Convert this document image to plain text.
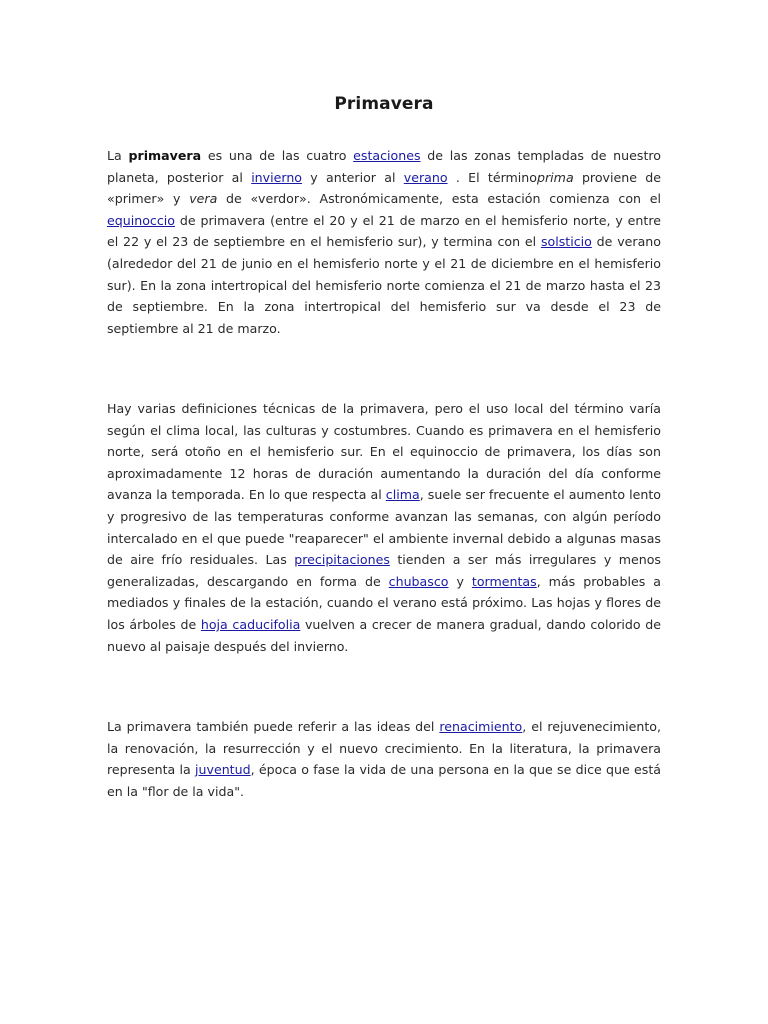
Primavera

La primavera es una de las cuatro estaciones de las zonas templadas de nuestro planeta, posterior al invierno y anterior al verano . El términoprima proviene de «primer» y vera de «verdor». Astronómicamente, esta estación comienza con el equinoccio de primavera (entre el 20 y el 21 de marzo en el hemisferio norte, y entre el 22 y el 23 de septiembre en el hemisferio sur), y termina con el solsticio de verano (alrededor del 21 de junio en el hemisferio norte y el 21 de diciembre en el hemisferio sur). En la zona intertropical del hemisferio norte comienza el 21 de marzo hasta el 23 de septiembre. En la zona intertropical del hemisferio sur va desde el 23 de septiembre al 21 de marzo.

Hay varias definiciones técnicas de la primavera, pero el uso local del término varía según el clima local, las culturas y costumbres. Cuando es primavera en el hemisferio norte, será otoño en el hemisferio sur. En el equinoccio de primavera, los días son aproximadamente 12 horas de duración aumentando la duración del día conforme avanza la temporada. En lo que respecta al clima, suele ser frecuente el aumento lento y progresivo de las temperaturas conforme avanzan las semanas, con algún período intercalado en el que puede "reaparecer" el ambiente invernal debido a algunas masas de aire frío residuales. Las precipitaciones tienden a ser más irregulares y menos generalizadas, descargando en forma de chubasco y tormentas, más probables a mediados y finales de la estación, cuando el verano está próximo. Las hojas y flores de los árboles de hoja caducifolia vuelven a crecer de manera gradual, dando colorido de nuevo al paisaje después del invierno.

La primavera también puede referir a las ideas del renacimiento, el rejuvenecimiento, la renovación, la resurrección y el nuevo crecimiento. En la literatura, la primavera representa la juventud, época o fase la vida de una persona en la que se dice que está en la "flor de la vida".
